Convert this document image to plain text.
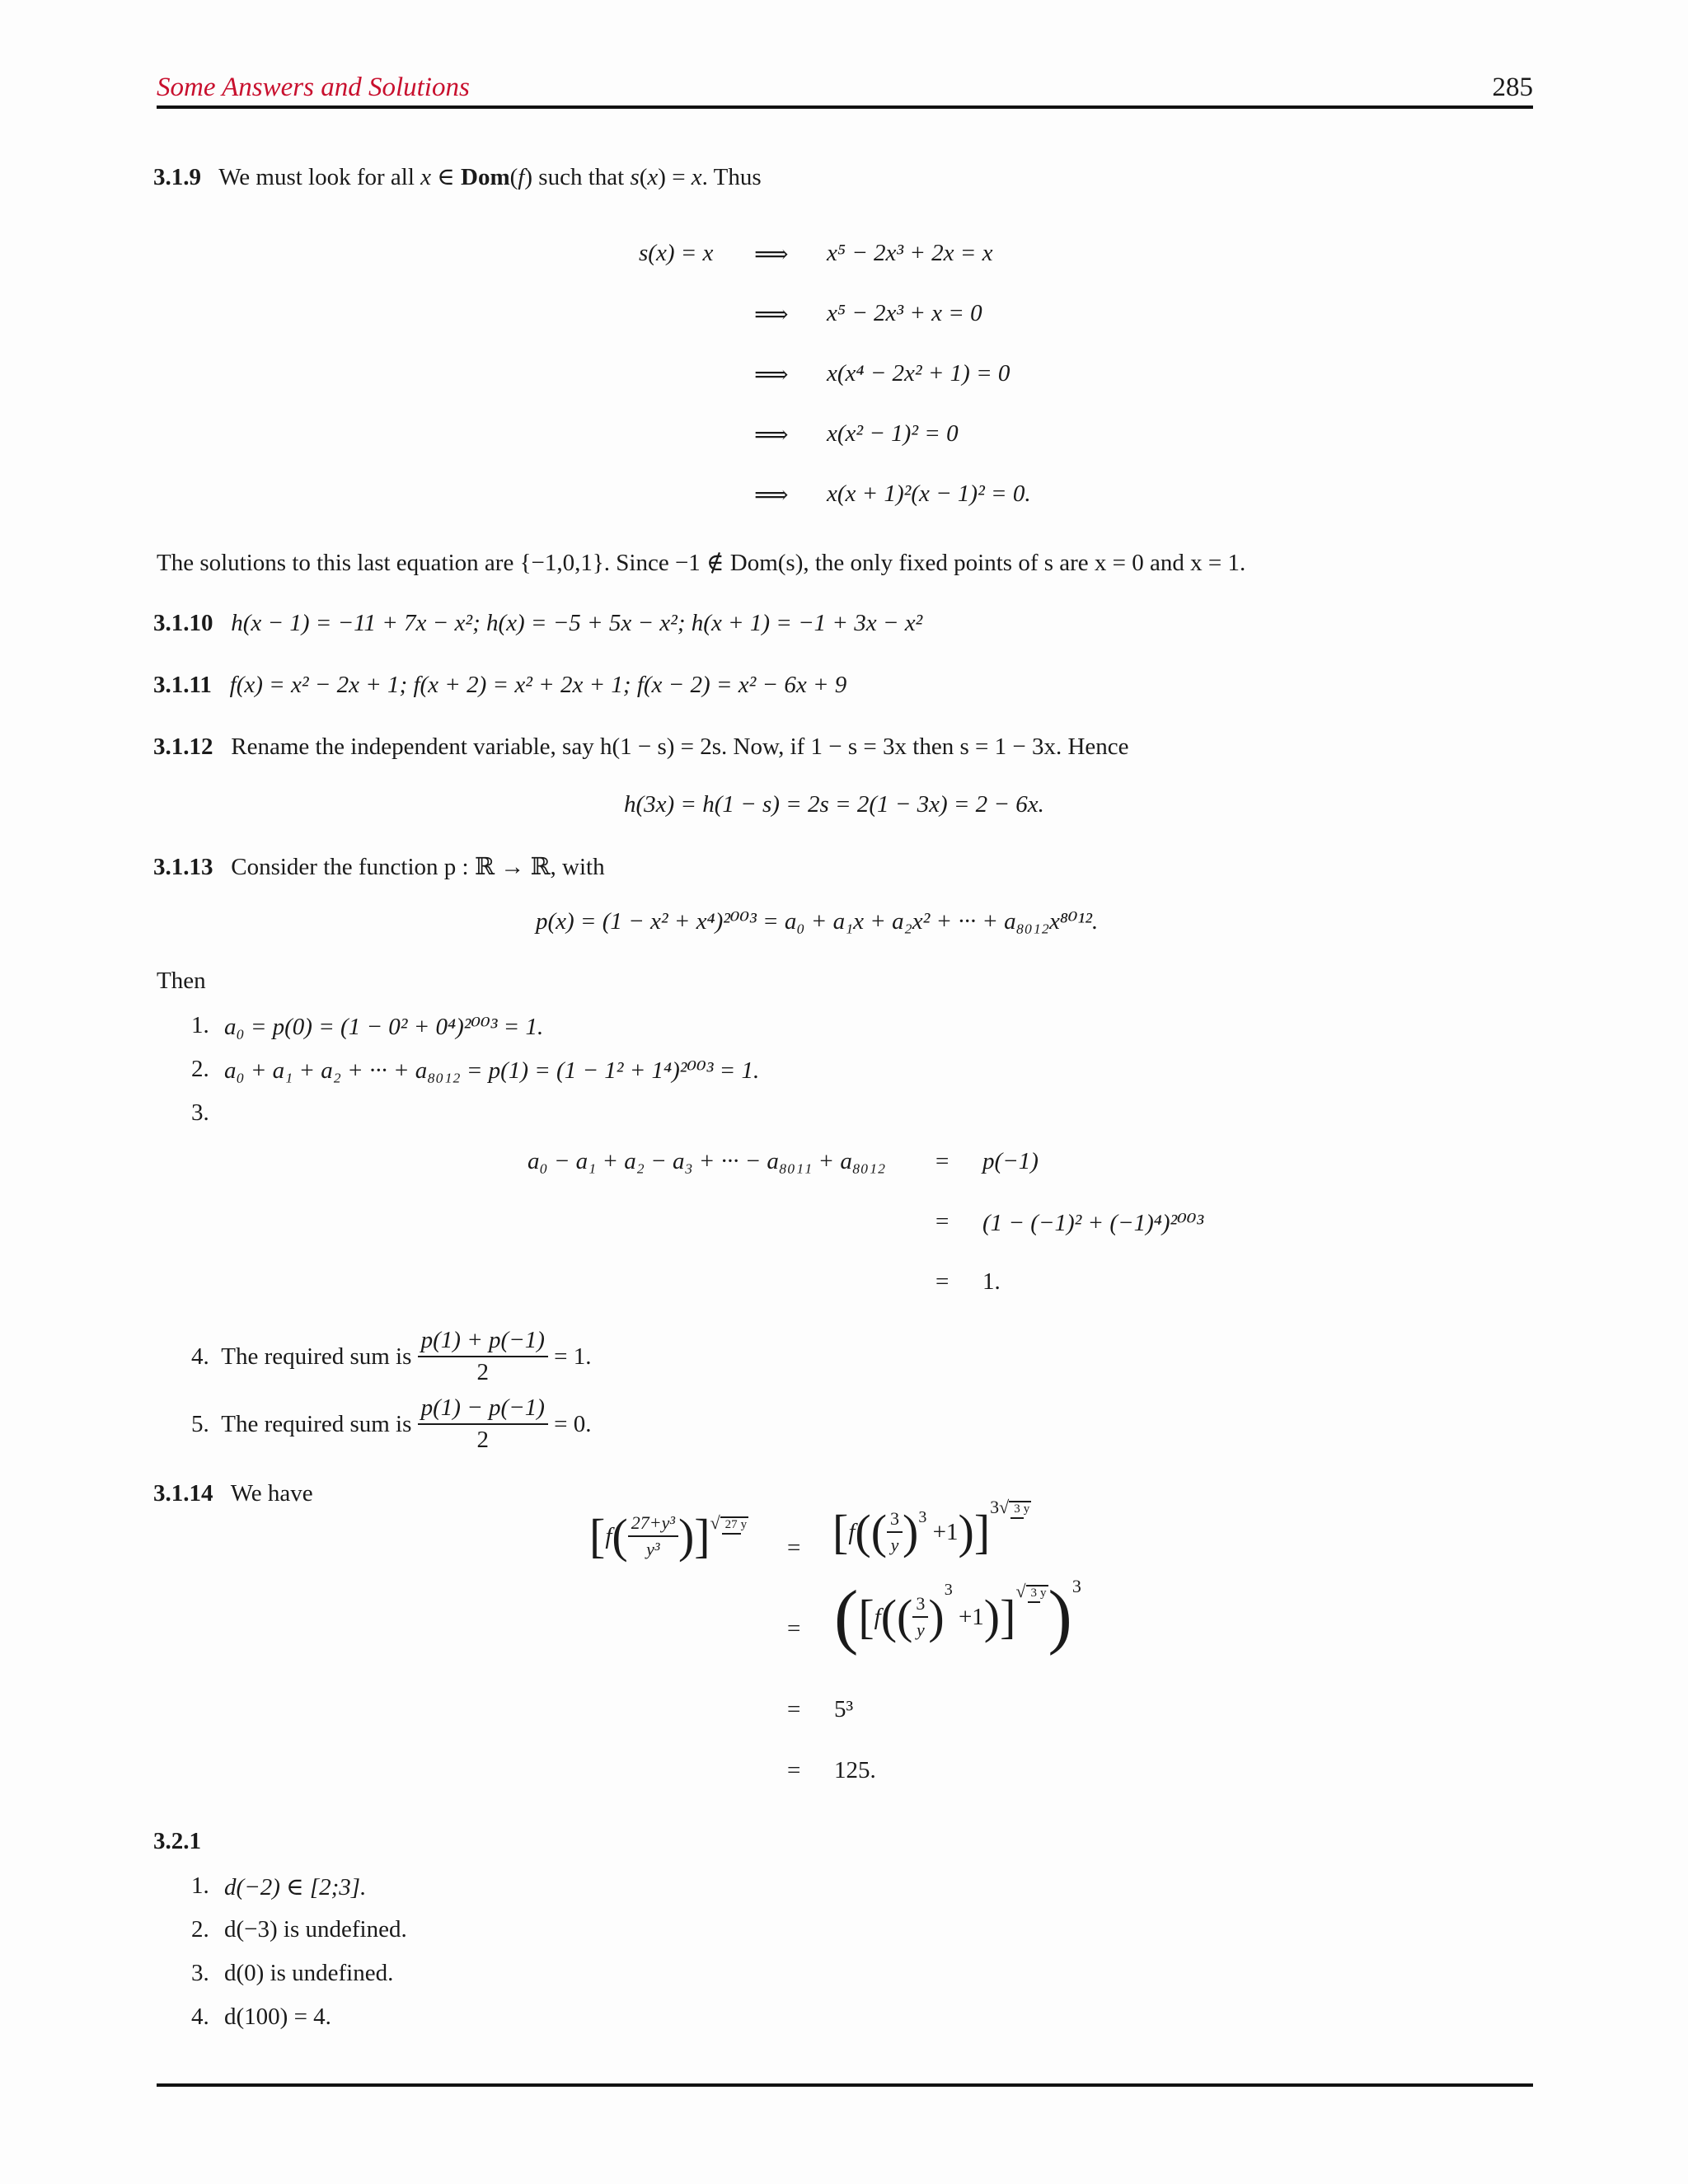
Some Answers and Solutions	285
3.1.9 We must look for all x ∈ Dom(f) such that s(x) = x. Thus
s(x) = x ⟹ x⁵ − 2x³ + 2x = x
⟹ x⁵ − 2x³ + x = 0
⟹ x(x⁴ − 2x² + 1) = 0
⟹ x(x² − 1)² = 0
⟹ x(x + 1)²(x − 1)² = 0.
The solutions to this last equation are {−1,0,1}. Since −1 ∉ Dom(s), the only fixed points of s are x = 0 and x = 1.
3.1.10 h(x − 1) = −11 + 7x − x²; h(x) = −5 + 5x − x²; h(x + 1) = −1 + 3x − x²
3.1.11 f(x) = x² − 2x + 1; f(x + 2) = x² + 2x + 1; f(x − 2) = x² − 6x + 9
3.1.12 Rename the independent variable, say h(1 − s) = 2s. Now, if 1 − s = 3x then s = 1 − 3x. Hence
h(3x) = h(1 − s) = 2s = 2(1 − 3x) = 2 − 6x.
3.1.13 Consider the function p : ℝ → ℝ, with
p(x) = (1 − x² + x⁴)²⁰⁰³ = a₀ + a₁x + a₂x² + ··· + a₈₀₁₂x⁸⁰¹².
Then
1. a₀ = p(0) = (1 − 0² + 0⁴)²⁰⁰³ = 1.
2. a₀ + a₁ + a₂ + ··· + a₈₀₁₂ = p(1) = (1 − 1² + 1⁴)²⁰⁰³ = 1.
3.
a₀ − a₁ + a₂ − a₃ + ··· − a₈₀₁₁ + a₈₀₁₂ = p(−1)
= (1 − (−1)² + (−1)⁴)²⁰⁰³
= 1.
4.
The required sum is
$\frac{p(1) + p(-1)}{2}$
= 1.
5.
The required sum is
$\frac{p(1) - p(-1)}{2}$
= 0.
3.1.14 We have
[ f ( $\frac{\text{27+y³}}{\text{y³}}$ ) ] √ 27 y
= [ f ( ( $\frac{3}{y} )^3$
+1 ) ] 3√ 3 y
= ( [ f ( ( $\frac{3}{y} )^3$
+1 ) ] √ 3 y )$^3$
= 5³
= 125.
3.2.1
1. d(−2) ∈ [2;3].
2. d(−3) is undefined.
3. d(0) is undefined.
4. d(100) = 4.
